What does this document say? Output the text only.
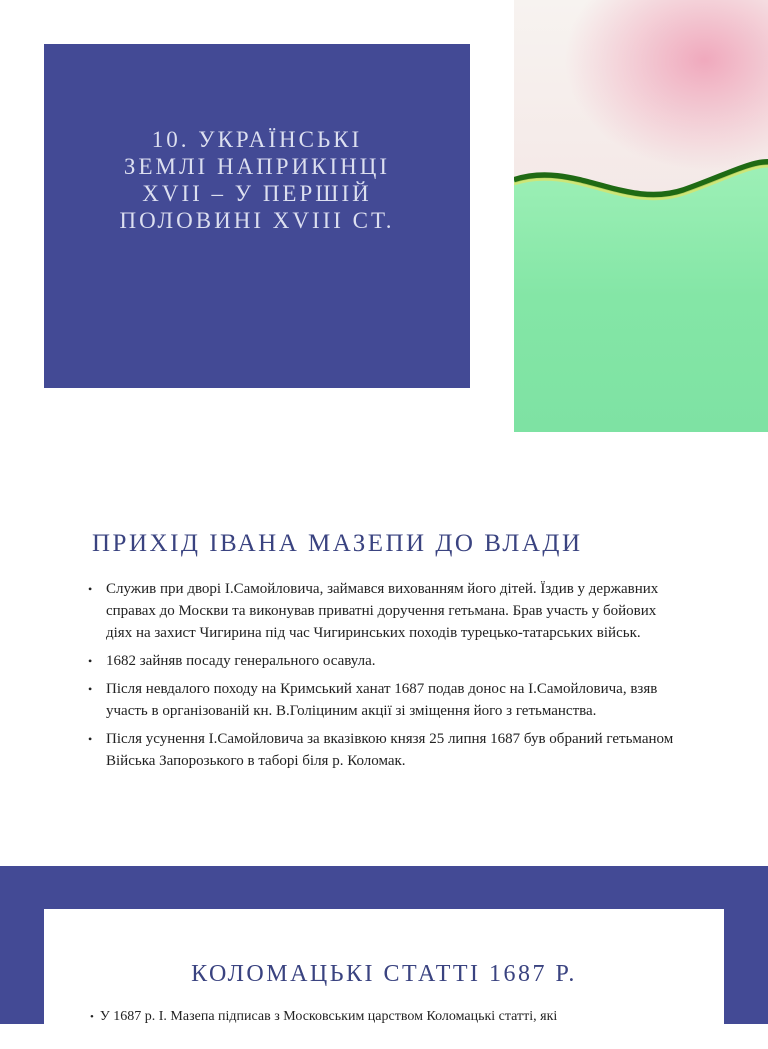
10. УКРАЇНСЬКІ
ЗЕМЛІ НАПРИКІНЦІ
XVII – У ПЕРШІЙ
ПОЛОВИНІ XVIII СТ.
ПРИХІД ІВАНА МАЗЕПИ ДО ВЛАДИ
• Служив при дворі І.Самойловича, займався вихованням його дітей. Їздив у державних справах до Москви та виконував приватні доручення гетьмана. Брав участь у бойових діях на захист Чигирина під час Чигиринських походів турецько-татарських військ.
• 1682 зайняв посаду генерального осавула.
• Після невдалого походу на Кримський ханат 1687 подав донос на І.Самойловича, взяв участь в організованій кн. В.Голіциним акції зі зміщення його з гетьманства.
• Після усунення І.Самойловича за вказівкою князя 25 липня 1687 був обраний гетьманом Війська Запорозького в таборі біля р. Коломак.
КОЛОМАЦЬКІ СТАТТІ 1687 Р.
• У 1687 р. І. Мазепа підписав з Московським царством Коломацькі статті, які
